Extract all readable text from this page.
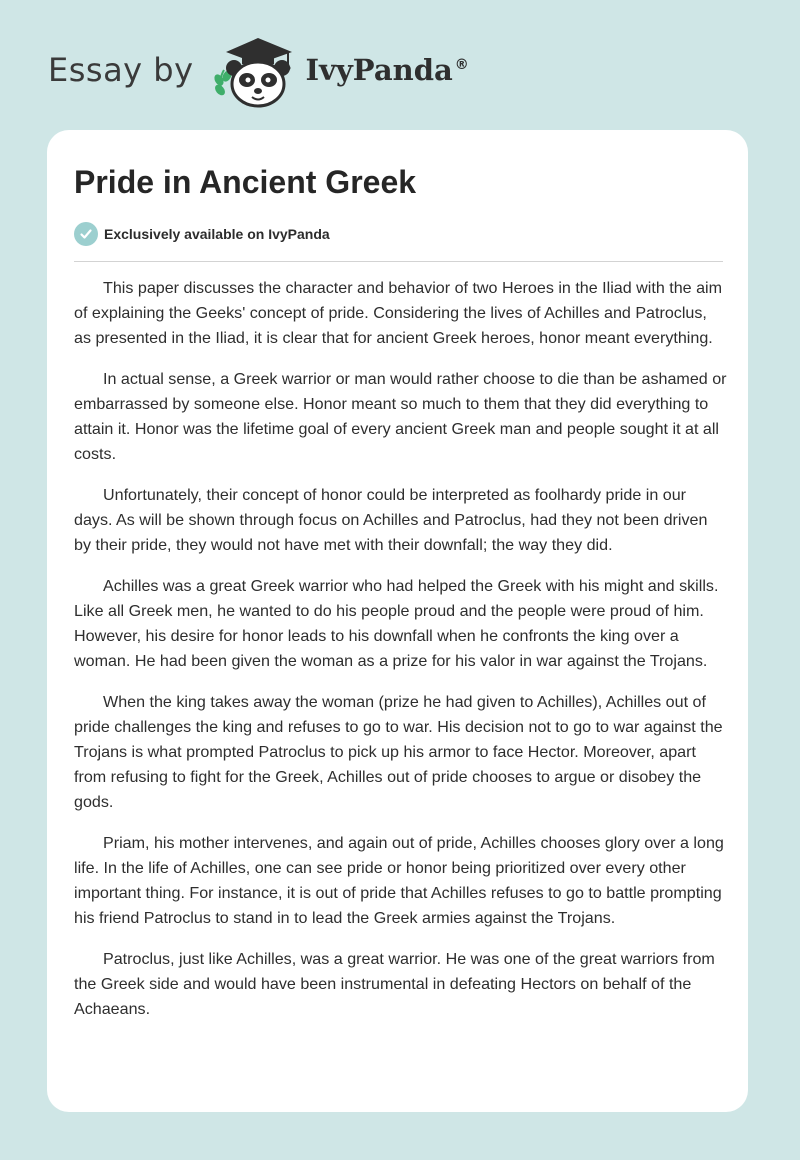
Essay by	IvyPanda ®
Pride in Ancient Greek
Exclusively available on IvyPanda

This paper discusses the character and behavior of two Heroes in the Iliad with the aim of explaining the Geeks' concept of pride. Considering the lives of Achilles and Patroclus, as presented in the Iliad, it is clear that for ancient Greek heroes, honor meant everything.

In actual sense, a Greek warrior or man would rather choose to die than be ashamed or embarrassed by someone else. Honor meant so much to them that they did everything to attain it. Honor was the lifetime goal of every ancient Greek man and people sought it at all costs.

Unfortunately, their concept of honor could be interpreted as foolhardy pride in our days. As will be shown through focus on Achilles and Patroclus, had they not been driven by their pride, they would not have met with their downfall; the way they did.

Achilles was a great Greek warrior who had helped the Greek with his might and skills. Like all Greek men, he wanted to do his people proud and the people were proud of him. However, his desire for honor leads to his downfall when he confronts the king over a woman. He had been given the woman as a prize for his valor in war against the Trojans.

When the king takes away the woman (prize he had given to Achilles), Achilles out of pride challenges the king and refuses to go to war. His decision not to go to war against the Trojans is what prompted Patroclus to pick up his armor to face Hector. Moreover, apart from refusing to fight for the Greek, Achilles out of pride chooses to argue or disobey the gods.

Priam, his mother intervenes, and again out of pride, Achilles chooses glory over a long life. In the life of Achilles, one can see pride or honor being prioritized over every other important thing. For instance, it is out of pride that Achilles refuses to go to battle prompting his friend Patroclus to stand in to lead the Greek armies against the Trojans.

Patroclus, just like Achilles, was a great warrior. He was one of the great warriors from the Greek side and would have been instrumental in defeating Hectors on behalf of the Achaeans.
